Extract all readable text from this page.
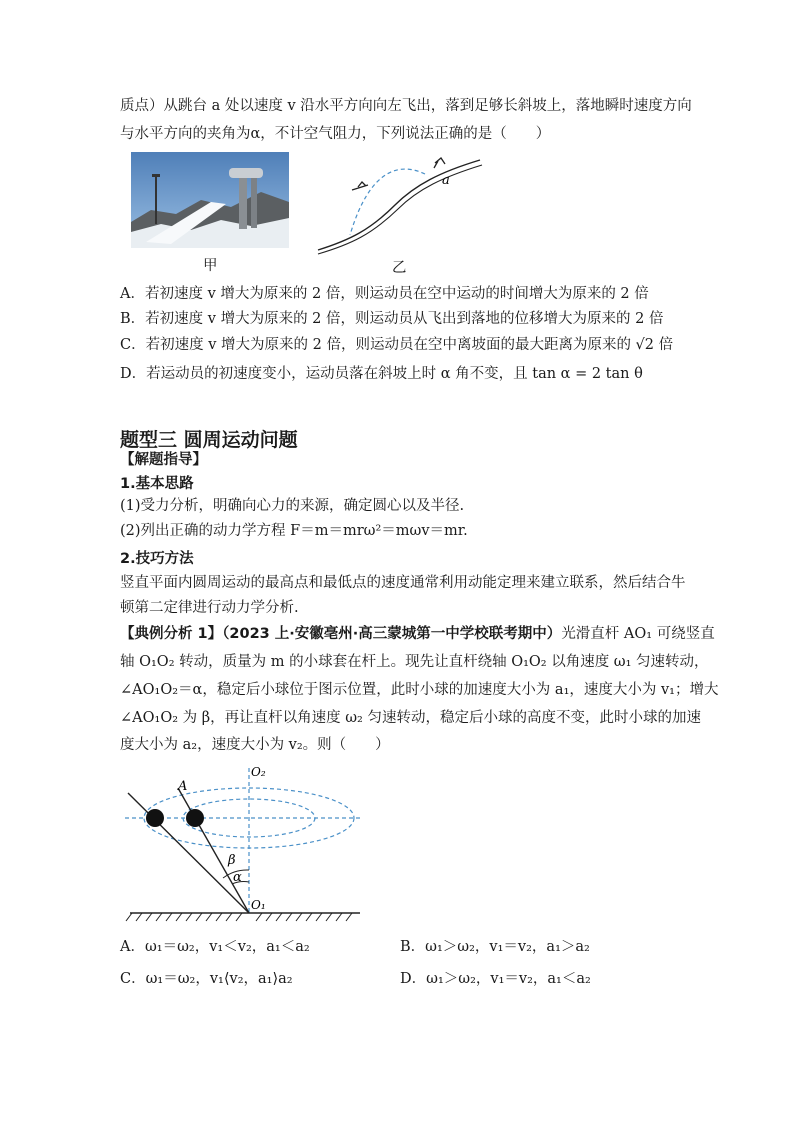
质点）从跳台 a 处以速度 v 沿水平方向向左飞出，落到足够长斜坡上，落地瞬时速度方向
与水平方向的夹角为α，不计空气阻力，下列说法正确的是（　　）
甲
a
乙
A．若初速度 v 增大为原来的 2 倍，则运动员在空中运动的时间增大为原来的 2 倍
B．若初速度 v 增大为原来的 2 倍，则运动员从飞出到落地的位移增大为原来的 2 倍
C．若初速度 v 增大为原来的 2 倍，则运动员在空中离坡面的最大距离为原来的 √2 倍
D．若运动员的初速度变小，运动员落在斜坡上时 α 角不变，且 tan α = 2 tan θ
题型三 圆周运动问题
【解题指导】
1.基本思路
(1)受力分析，明确向心力的来源，确定圆心以及半径.
(2)列出正确的动力学方程 F＝m＝mrω²＝mωv＝mr.
2.技巧方法
竖直平面内圆周运动的最高点和最低点的速度通常利用动能定理来建立联系，然后结合牛
顿第二定律进行动力学分析.
【典例分析 1】（2023 上·安徽亳州·高三蒙城第一中学校联考期中）光滑直杆 AO₁ 可绕竖直
轴 O₁O₂ 转动，质量为 m 的小球套在杆上。现先让直杆绕轴 O₁O₂ 以角速度 ω₁ 匀速转动，
∠AO₁O₂＝α，稳定后小球位于图示位置，此时小球的加速度大小为 a₁，速度大小为 v₁；增大
∠AO₁O₂ 为 β，再让直杆以角速度 ω₂ 匀速转动，稳定后小球的高度不变，此时小球的加速
度大小为 a₂，速度大小为 v₂。则（　　）
β
α
A
O₂
O₁
A．ω₁＝ω₂，v₁＜v₂，a₁＜a₂	B．ω₁＞ω₂，v₁＝v₂，a₁＞a₂
C．ω₁＝ω₂，v₁⟨v₂，a₁⟩a₂	D．ω₁＞ω₂，v₁＝v₂，a₁＜a₂
